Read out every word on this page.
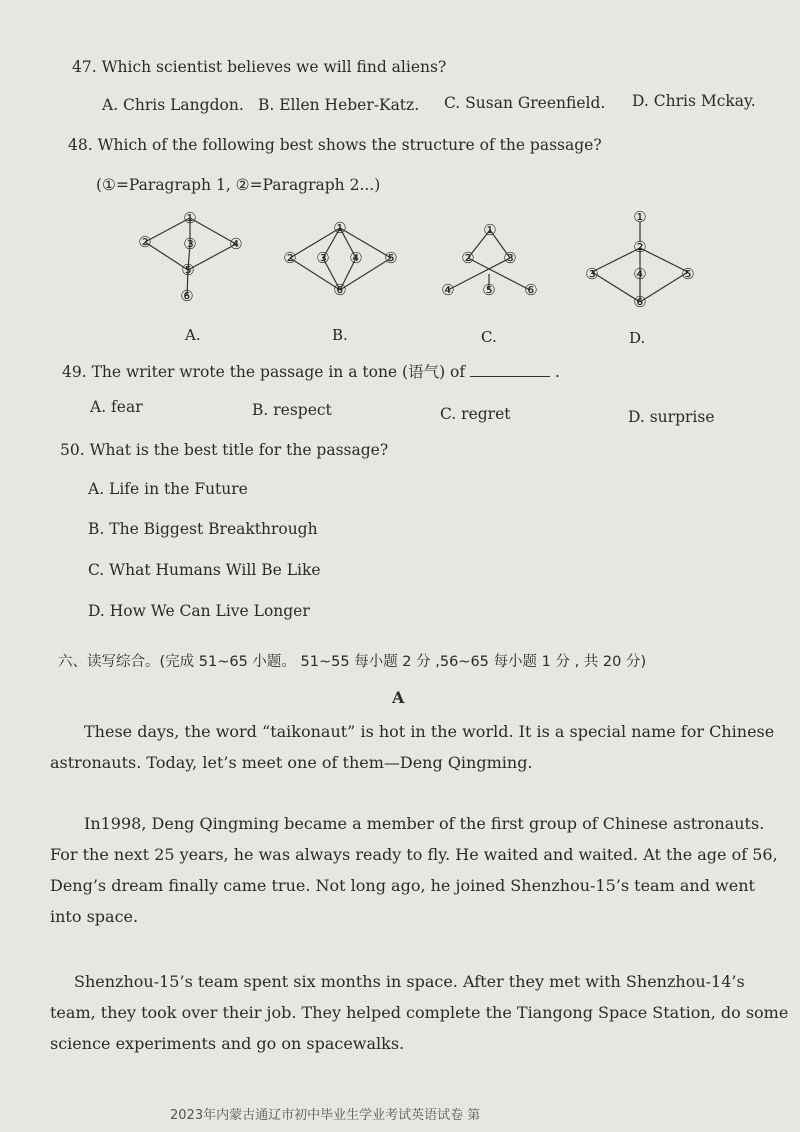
47. Which scientist believes we will find aliens?
A. Chris Langdon. B. Ellen Heber-Katz. C. Susan Greenfield. D. Chris Mckay.
48. Which of the following best shows the structure of the passage?
(①=Paragraph 1, ②=Paragraph 2...)
①
② ③ ④
⑤
⑥
A.
①
② ③ ④ ⑤
⑥
B.
①
② ③
④ ⑤ ⑥
C.
①
②
③ ④ ⑤
⑥
D.
49. The writer wrote the passage in a tone (语气) of	.
A. fear	B. respect	C. regret	D. surprise
50. What is the best title for the passage?
A. Life in the Future
B. The Biggest Breakthrough
C. What Humans Will Be Like
D. How We Can Live Longer
六、读写综合。(完成 51~65 小题。 51~55 每小题 2 分 ,56~65 每小题 1 分 , 共 20 分)
A
These days, the word “taikonaut” is hot in the world. It is a special name for Chinese
astronauts. Today, let’s meet one of them—Deng Qingming.
In1998, Deng Qingming became a member of the first group of Chinese astronauts.
For the next 25 years, he was always ready to fly. He waited and waited. At the age of 56,
Deng’s dream finally came true. Not long ago, he joined Shenzhou-15’s team and went
into space.
Shenzhou-15’s team spent six months in space. After they met with Shenzhou-14’s
team, they took over their job. They helped complete the Tiangong Space Station, do some
science experiments and go on spacewalks.
2023年内蒙古通辽市初中毕业生学业考试英语试卷 第
